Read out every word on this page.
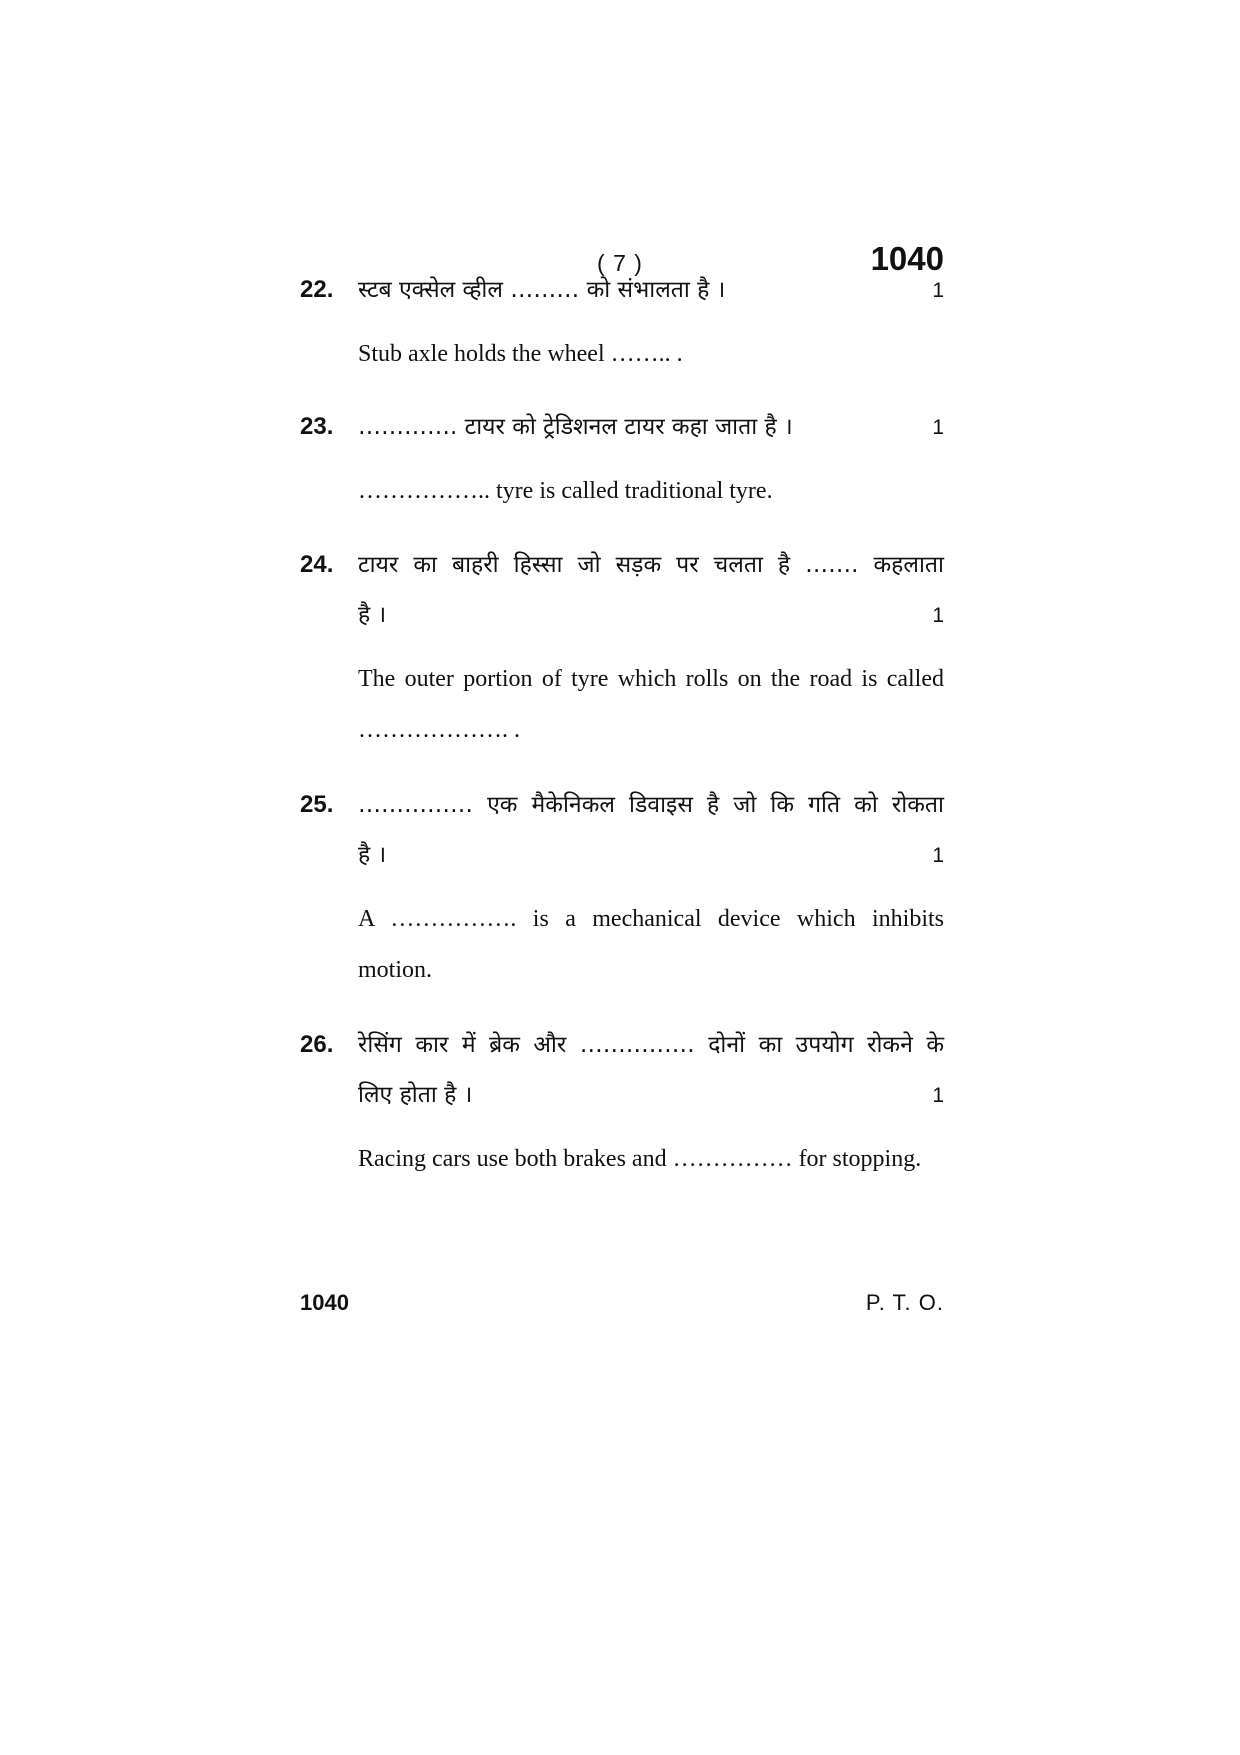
( 7 )	1040
22. स्टब एक्सेल व्हील ……… को संभालता है ।	1
Stub axle holds the wheel …….. .
23. …………. टायर को ट्रेडिशनल टायर कहा जाता है ।	1
…………….. tyre is called traditional tyre.
24. टायर का बाहरी हिस्सा जो सड़क पर चलता है ……. कहलाता
है ।	1
The outer portion of tyre which rolls on the road is called ………………. .
25. …………… एक मैकेनिकल डिवाइस है जो कि गति को रोकता
है ।	1
A ……………. is a mechanical device which inhibits motion.
26. रेसिंग कार में ब्रेक और …………… दोनों का उपयोग रोकने के
लिए होता है ।	1
Racing cars use both brakes and …………… for stopping.
1040	P. T. O.
